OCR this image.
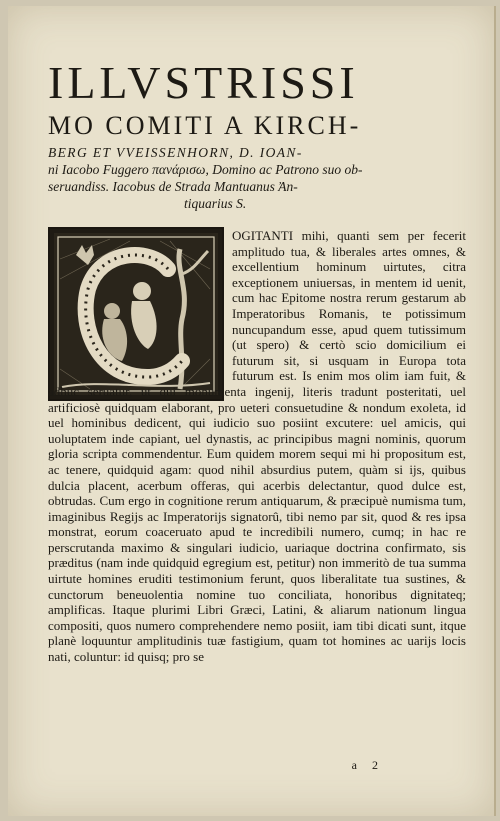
ILLVSTRISSI
MO COMITI A KIRCH-
BERG ET VVEISSENHORN, D. IOAN-
ni Iacobo Fuggero πανάρισω, Domino ac Patrono suo ob-
seruandiss. Iacobus de Strada Mantuanus Ἀn-
tiquarius S.
OGITANTI mihi, quanti sem per fecerit amplitudo tua, & liberales artes omnes, & excellentium hominum uirtutes, citra exceptionem uniuersas, in mentem id uenit, cum hac Epitome nostra rerum gestarum ab Imperatoribus Romanis, te potissimum nuncupandum esse, apud quem tutissimum (ut spero) & certò scio domicilium ei futurum sit, si usquam in Europa tota futurum est. Is enim mos olim iam fuit, & adhuc seruatur, ut qui monumenta ingenij, literis tradunt posteritati, uel artificiosè quidquam elaborant, pro ueteri consuetudine & nondum exoleta, id uel hominibus dedicent, qui iudicio suo posiint excutere: uel amicis, qui uoluptatem inde capiant, uel dynastis, ac principibus magni nominis, quorum gloria scripta commendentur. Eum quidem morem sequi mi hi propositum est, ac tenere, quidquid agam: quod nihil absurdius putem, quàm si ijs, quibus dulcia placent, acerbum offeras, qui acerbis delectantur, quod dulce est, obtrudas. Cum ergo in cognitione rerum antiquarum, & præcipuè numisma tum, imaginibus Regijs ac Imperatorijs signatorû, tibi nemo par sit, quod & res ipsa monstrat, eorum coaceruato apud te incredibili numero, cumq; in hac re perscrutanda maximo & singulari iudicio, uariaque doctrina confirmato, sis præditus (nam inde quidquid egregium est, petitur) non immeritò de tua summa uirtute homines eruditi testimonium ferunt, quos liberalitate tua sustines, & cunctorum beneuolentia nomine tuo conciliata, honoribus dignitateq; amplificas. Itaque plurimi Libri Græci, Latini, & aliarum nationum lingua compositi, quos numero comprehendere nemo posiit, iam tibi dicati sunt, itque planè loquuntur amplitudinis tuæ fastigium, quam tot homines ac uarijs locis nati, coluntur: id quisq; pro se
a 2
